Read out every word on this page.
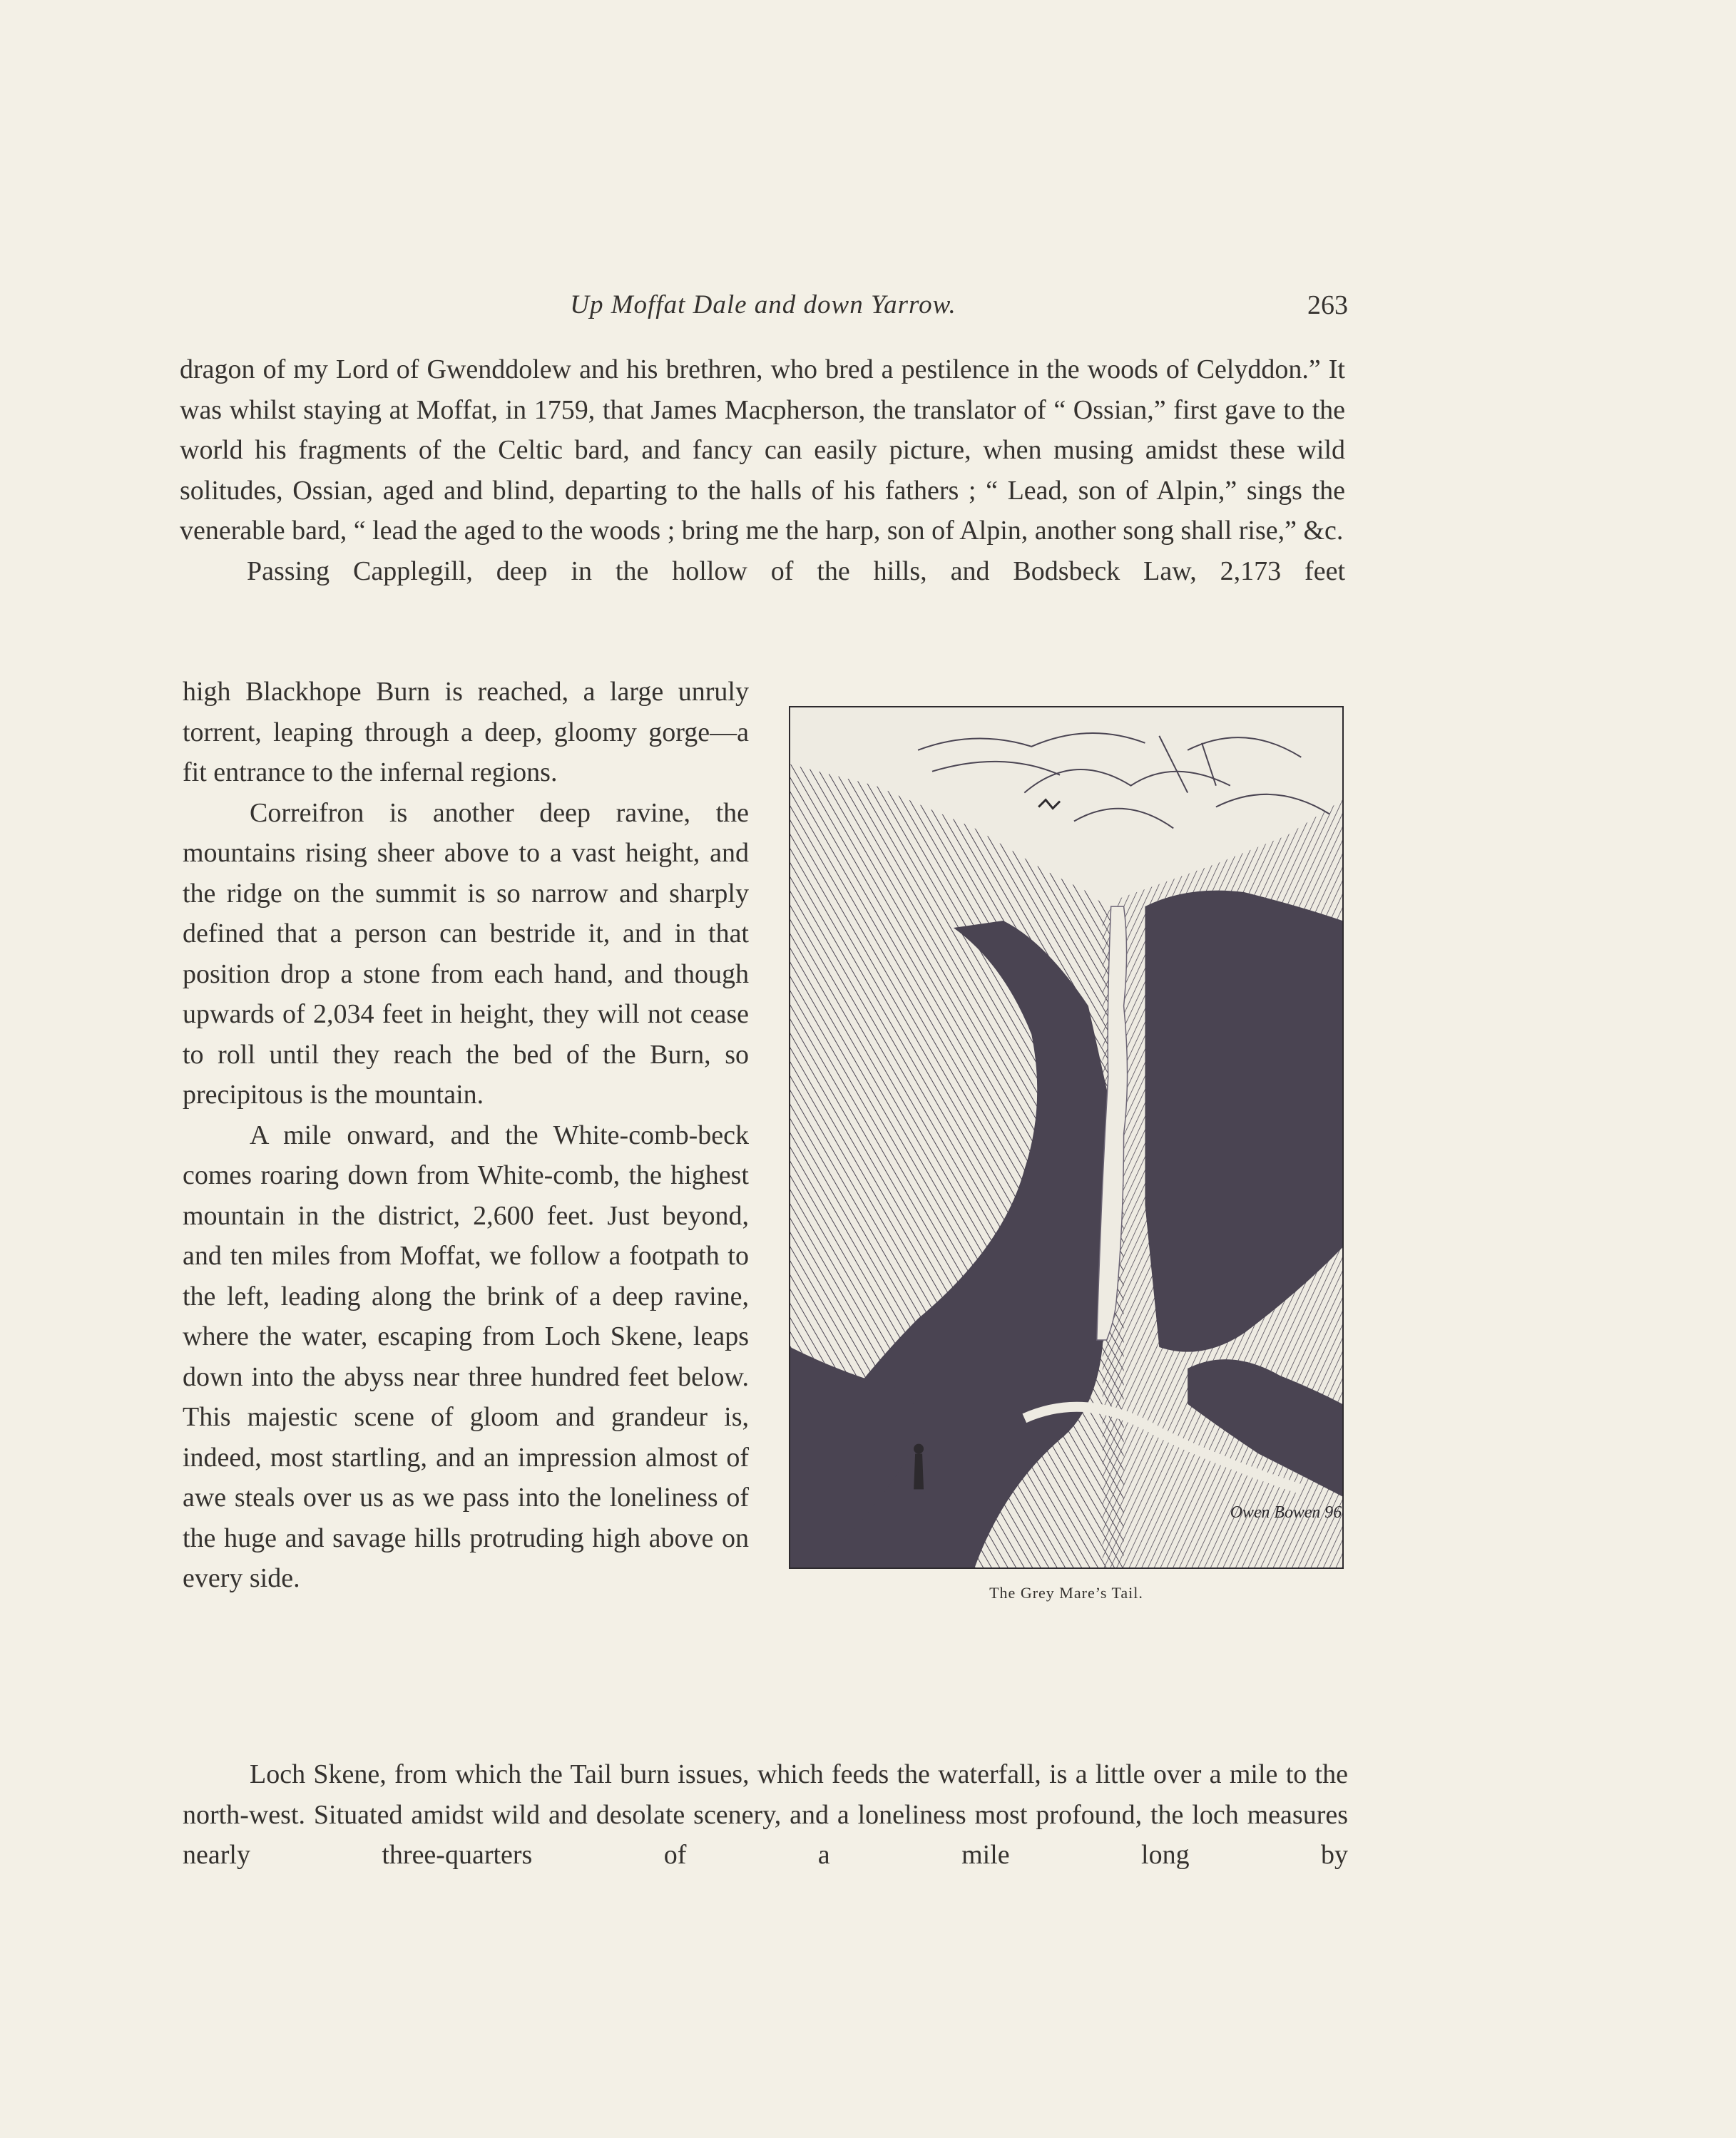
Up Moffat Dale and down Yarrow.	263

dragon of my Lord of Gwenddolew and his brethren, who bred a pestilence in the woods of Celyddon.” It was whilst staying at Moffat, in 1759, that James Macpherson, the translator of “ Ossian,” first gave to the world his fragments of the Celtic bard, and fancy can easily picture, when musing amidst these wild solitudes, Ossian, aged and blind, departing to the halls of his fathers ; “ Lead, son of Alpin,” sings the venerable bard, “ lead the aged to the woods ; bring me the harp, son of Alpin, another song shall rise,” &c.

Passing Capplegill, deep in the hollow of the hills, and Bodsbeck Law, 2,173 feet

Owen Bowen 96
The Grey Mare’s Tail.

high Blackhope Burn is reached, a large unruly torrent, leaping through a deep, gloomy gorge—a fit entrance to the infernal regions.

Correifron is another deep ravine, the mountains rising sheer above to a vast height, and the ridge on the summit is so narrow and sharply defined that a person can bestride it, and in that position drop a stone from each hand, and though upwards of 2,034 feet in height, they will not cease to roll until they reach the bed of the Burn, so precipitous is the mountain.

A mile onward, and the White-comb-beck comes roaring down from White-comb, the highest mountain in the district, 2,600 feet. Just beyond, and ten miles from Moffat, we follow a footpath to the left, leading along the brink of a deep ravine, where the water, escaping from Loch Skene, leaps down into the abyss near three hundred feet below. This majestic scene of gloom and grandeur is, indeed, most startling, and an impression almost of awe steals over us as we pass into the loneliness of the huge and savage hills protruding high above on every side.

Loch Skene, from which the Tail burn issues, which feeds the waterfall, is a little over a mile to the north-west. Situated amidst wild and desolate scenery, and a loneliness most profound, the loch measures nearly three-quarters of a mile long by
